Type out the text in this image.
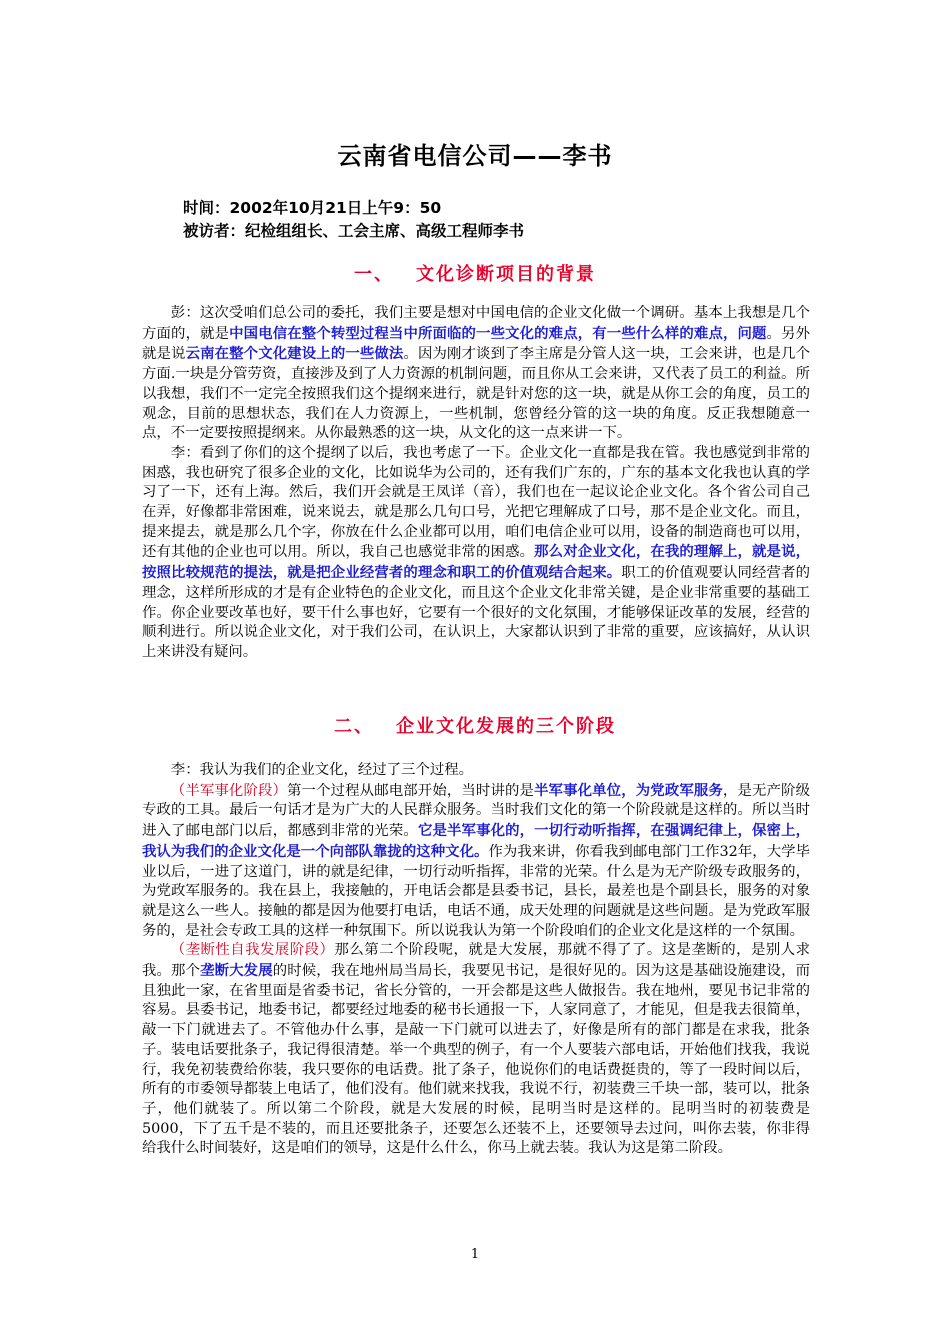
云南省电信公司——李书
时间：2002年10月21日上午9：50
被访者：纪检组组长、工会主席、高级工程师李书
一、 文化诊断项目的背景

彭：这次受咱们总公司的委托，我们主要是想对中国电信的企业文化做一个调研。基本上我想是几个方面的，就是中国电信在整个转型过程当中所面临的一些文化的难点，有一些什么样的难点，问题。另外就是说云南在整个文化建设上的一些做法。因为刚才谈到了李主席是分管人这一块，工会来讲，也是几个方面.一块是分管劳资，直接涉及到了人力资源的机制问题，而且你从工会来讲，又代表了员工的利益。所以我想，我们不一定完全按照我们这个提纲来进行，就是针对您的这一块，就是从你工会的角度，员工的观念，目前的思想状态，我们在人力资源上，一些机制，您曾经分管的这一块的角度。反正我想随意一点，不一定要按照提纲来。从你最熟悉的这一块，从文化的这一点来讲一下。

李：看到了你们的这个提纲了以后，我也考虑了一下。企业文化一直都是我在管。我也感觉到非常的困惑，我也研究了很多企业的文化，比如说华为公司的，还有我们广东的，广东的基本文化我也认真的学习了一下，还有上海。然后，我们开会就是王凤详（音），我们也在一起议论企业文化。各个省公司自己在弄，好像都非常困难，说来说去，就是那么几句口号，光把它理解成了口号，那不是企业文化。而且，提来提去，就是那么几个字，你放在什么企业都可以用，咱们电信企业可以用，设备的制造商也可以用，还有其他的企业也可以用。所以，我自己也感觉非常的困惑。那么对企业文化，在我的理解上，就是说，按照比较规范的提法，就是把企业经营者的理念和职工的价值观结合起来。职工的价值观要认同经营者的理念，这样所形成的才是有企业特色的企业文化，而且这个企业文化非常关键，是企业非常重要的基础工作。你企业要改革也好，要干什么事也好，它要有一个很好的文化氛围，才能够保证改革的发展，经营的顺利进行。所以说企业文化，对于我们公司，在认识上，大家都认识到了非常的重要，应该搞好，从认识上来讲没有疑问。

二、 企业文化发展的三个阶段

李：我认为我们的企业文化，经过了三个过程。

（半军事化阶段）第一个过程从邮电部开始，当时讲的是半军事化单位，为党政军服务，是无产阶级专政的工具。最后一句话才是为广大的人民群众服务。当时我们文化的第一个阶段就是这样的。所以当时进入了邮电部门以后，都感到非常的光荣。它是半军事化的，一切行动听指挥，在强调纪律上，保密上，我认为我们的企业文化是一个向部队靠拢的这种文化。作为我来讲，你看我到邮电部门工作32年，大学毕业以后，一进了这道门，讲的就是纪律，一切行动听指挥，非常的光荣。什么是为无产阶级专政服务的，为党政军服务的。我在县上，我接触的，开电话会都是县委书记，县长，最差也是个副县长，服务的对象就是这么一些人。接触的都是因为他要打电话，电话不通，成天处理的问题就是这些问题。是为党政军服务的，是社会专政工具的这样一种氛围下。所以说我认为第一个阶段咱们的企业文化是这样的一个氛围。

（垄断性自我发展阶段）那么第二个阶段呢，就是大发展，那就不得了了。这是垄断的，是别人求我。那个垄断大发展的时候，我在地州局当局长，我要见书记，是很好见的。因为这是基础设施建设，而且独此一家，在省里面是省委书记，省长分管的，一开会都是这些人做报告。我在地州，要见书记非常的容易。县委书记，地委书记，都要经过地委的秘书长通报一下，人家同意了，才能见，但是我去很简单，敲一下门就进去了。不管他办什么事，是敲一下门就可以进去了，好像是所有的部门都是在求我，批条子。装电话要批条子，我记得很清楚。举一个典型的例子，有一个人要装六部电话，开始他们找我，我说行，我免初装费给你装，我只要你的电话费。批了条子，他说你们的电话费挺贵的，等了一段时间以后，所有的市委领导都装上电话了，他们没有。他们就来找我，我说不行，初装费三千块一部，装可以，批条子，他们就装了。所以第二个阶段，就是大发展的时候，昆明当时是这样的。昆明当时的初装费是5000，下了五千是不装的，而且还要批条子，还要怎么还装不上，还要领导去过问，叫你去装，你非得给我什么时间装好，这是咱们的领导，这是什么什么，你马上就去装。我认为这是第二阶段。

1
